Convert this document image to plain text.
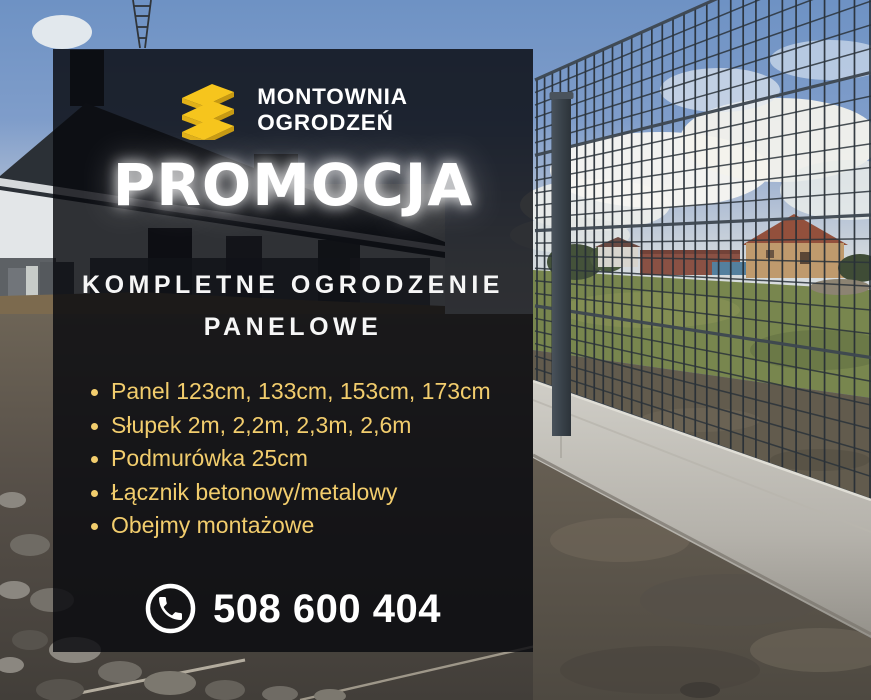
MONTOWNIA
OGRODZEŃ
PROMOCJA
KOMPLETNE OGRODZENIE
PANELOWE
Panel 123cm, 133cm, 153cm, 173cm
Słupek 2m, 2,2m, 2,3m, 2,6m
Podmurówka 25cm
Łącznik betonowy/metalowy
Obejmy montażowe
508 600 404
